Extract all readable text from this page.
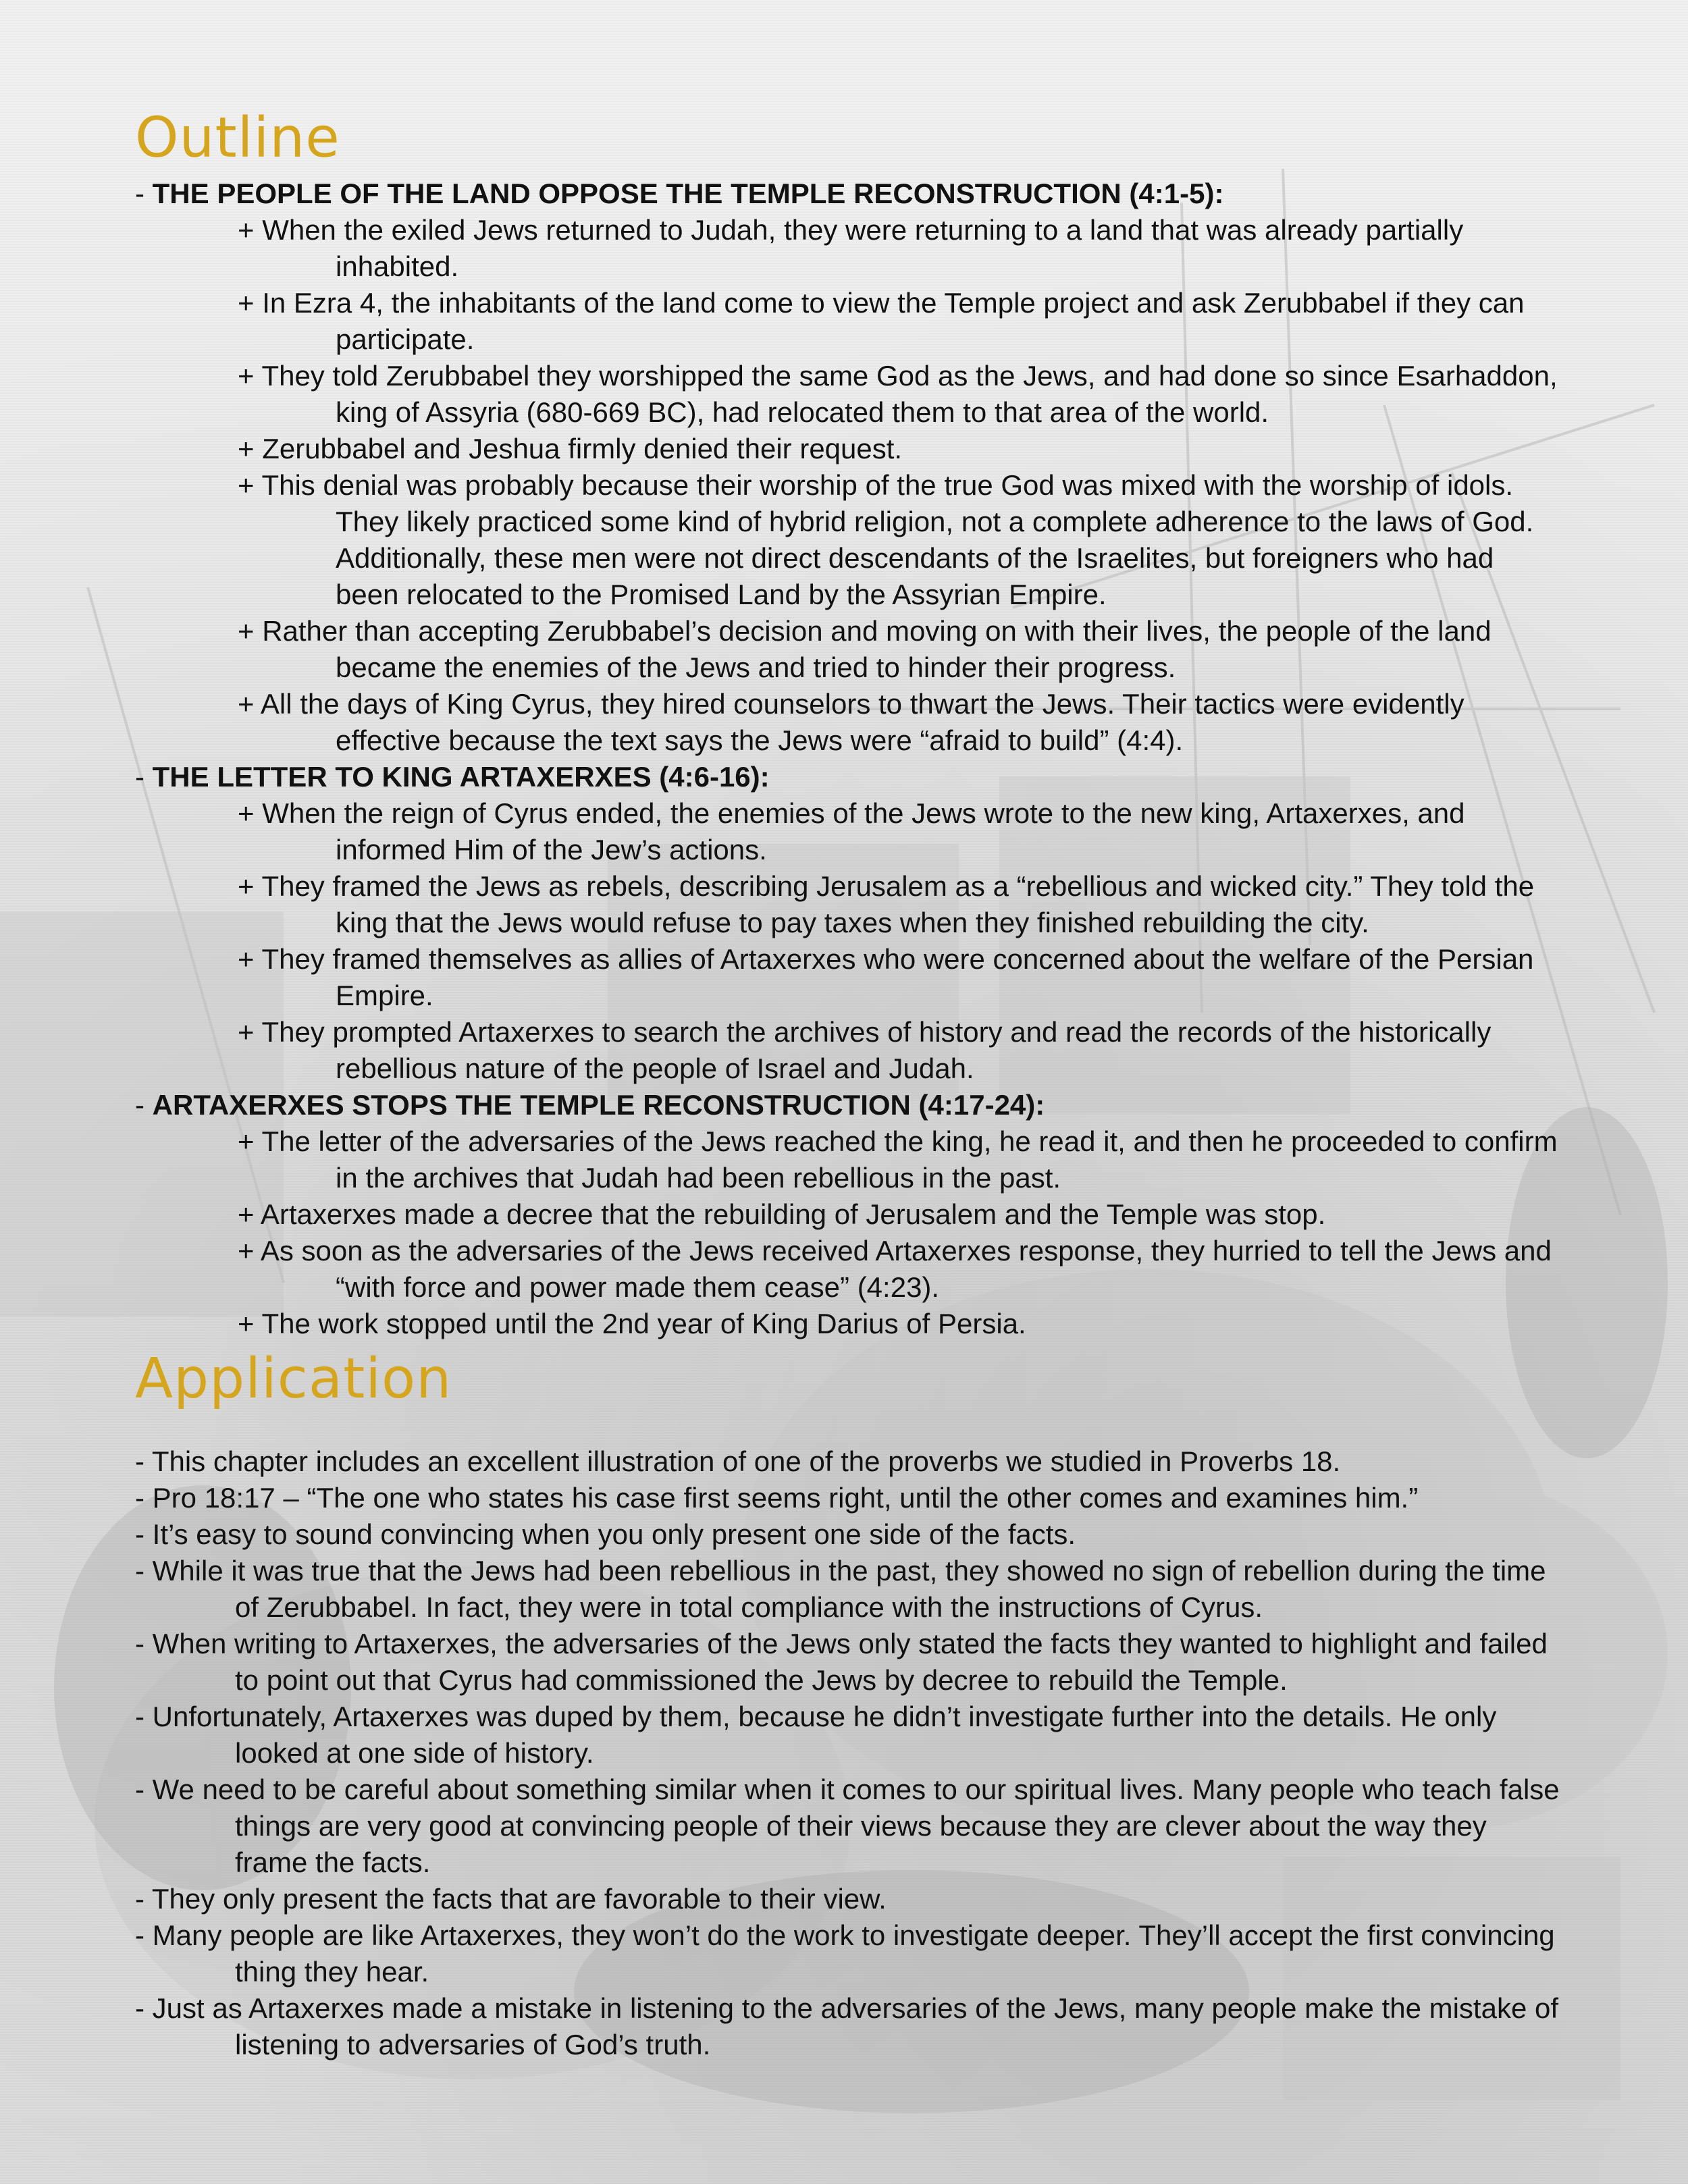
Outline
- THE PEOPLE OF THE LAND OPPOSE THE TEMPLE RECONSTRUCTION (4:1-5):
+ When the exiled Jews returned to Judah, they were returning to a land that was already partially inhabited.
+ In Ezra 4, the inhabitants of the land come to view the Temple project and ask Zerubbabel if they can participate.
+ They told Zerubbabel they worshipped the same God as the Jews, and had done so since Esarhaddon, king of Assyria (680-669 BC), had relocated them to that area of the world.
+ Zerubbabel and Jeshua firmly denied their request.
+ This denial was probably because their worship of the true God was mixed with the worship of idols. They likely practiced some kind of hybrid religion, not a complete adherence to the laws of God. Additionally, these men were not direct descendants of the Israelites, but foreigners who had been relocated to the Promised Land by the Assyrian Empire.
+ Rather than accepting Zerubbabel’s decision and moving on with their lives, the people of the land became the enemies of the Jews and tried to hinder their progress.
+ All the days of King Cyrus, they hired counselors to thwart the Jews. Their tactics were evidently effective because the text says the Jews were “afraid to build” (4:4).
- THE LETTER TO KING ARTAXERXES (4:6-16):
+ When the reign of Cyrus ended, the enemies of the Jews wrote to the new king, Artaxerxes, and informed Him of the Jew’s actions.
+ They framed the Jews as rebels, describing Jerusalem as a “rebellious and wicked city.” They told the king that the Jews would refuse to pay taxes when they finished rebuilding the city.
+ They framed themselves as allies of Artaxerxes who were concerned about the welfare of the Persian Empire.
+ They prompted Artaxerxes to search the archives of history and read the records of the historically rebellious nature of the people of Israel and Judah.
- ARTAXERXES STOPS THE TEMPLE RECONSTRUCTION (4:17-24):
+ The letter of the adversaries of the Jews reached the king, he read it, and then he proceeded to confirm in the archives that Judah had been rebellious in the past.
+ Artaxerxes made a decree that the rebuilding of Jerusalem and the Temple was stop.
+ As soon as the adversaries of the Jews received Artaxerxes response, they hurried to tell the Jews and “with force and power made them cease” (4:23).
+ The work stopped until the 2nd year of King Darius of Persia.
Application
- This chapter includes an excellent illustration of one of the proverbs we studied in Proverbs 18.
- Pro 18:17 – “The one who states his case first seems right, until the other comes and examines him.”
- It’s easy to sound convincing when you only present one side of the facts.
- While it was true that the Jews had been rebellious in the past, they showed no sign of rebellion during the time of Zerubbabel. In fact, they were in total compliance with the instructions of Cyrus.
- When writing to Artaxerxes, the adversaries of the Jews only stated the facts they wanted to highlight and failed to point out that Cyrus had commissioned the Jews by decree to rebuild the Temple.
- Unfortunately, Artaxerxes was duped by them, because he didn’t investigate further into the details. He only looked at one side of history.
- We need to be careful about something similar when it comes to our spiritual lives. Many people who teach false things are very good at convincing people of their views because they are clever about the way they frame the facts.
- They only present the facts that are favorable to their view.
- Many people are like Artaxerxes, they won’t do the work to investigate deeper. They’ll accept the first convincing thing they hear.
- Just as Artaxerxes made a mistake in listening to the adversaries of the Jews, many people make the mistake of listening to adversaries of God’s truth.
